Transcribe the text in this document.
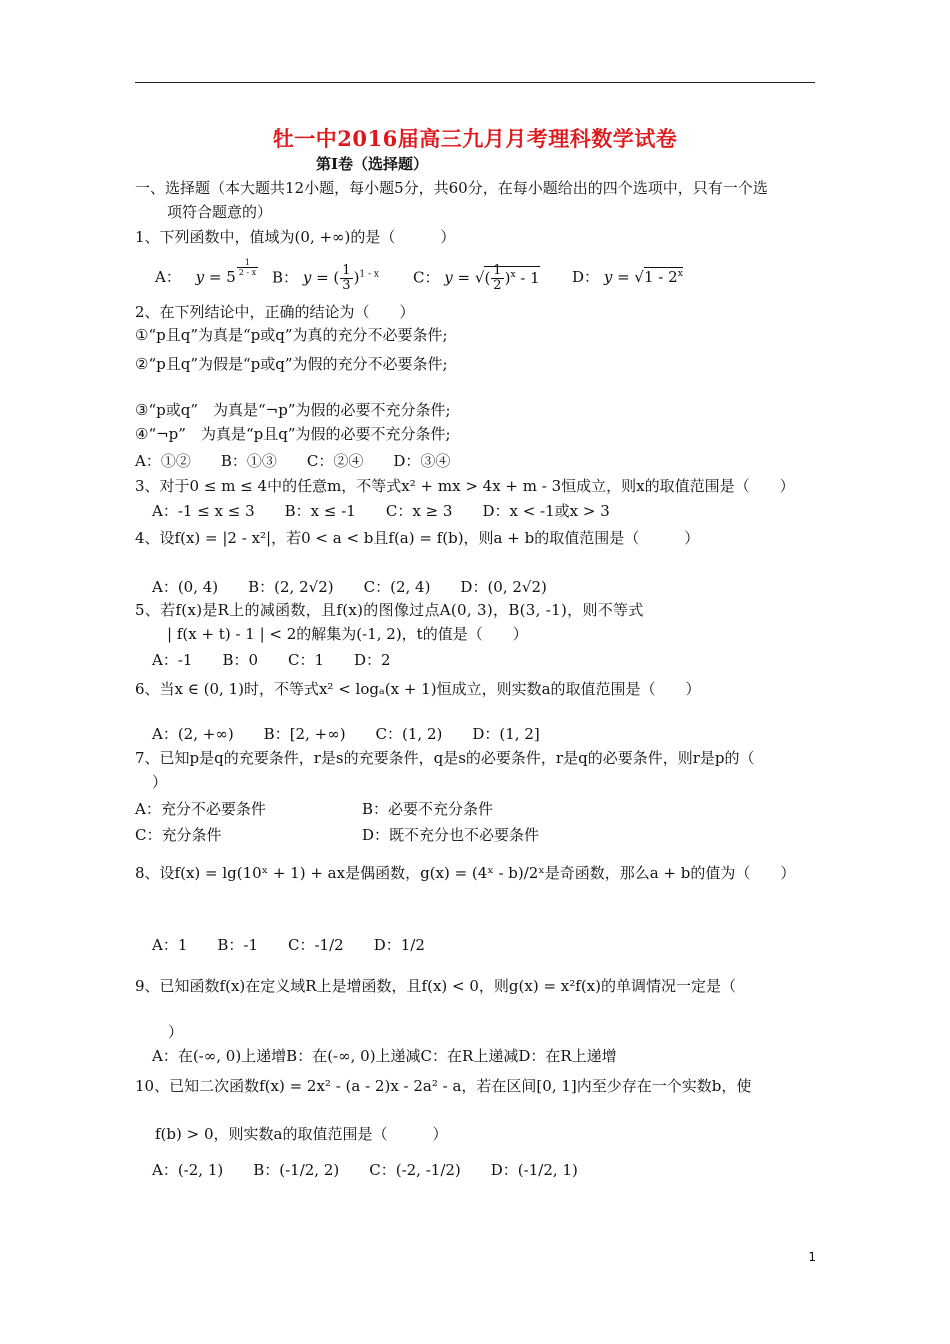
牡一中2016届高三九月月考理科数学试卷
第Ⅰ卷（选择题）
一、选择题（本大题共12小题，每小题5分，共60分，在每小题给出的四个选项中，只有一个选
项符合题意的）
1、下列函数中，值域为(0, +∞)的是（　　　）
A： y = 5 $^{\frac{1}{2 - x}}$
B： y = ( $\frac{1}{3} )^{1 - x}$ C： y = √( $\frac{1}{2} )^x - 1$ D： y = √1 - 2$^x$
2、在下列结论中，正确的结论为（　　）
①“p且q”为真是“p或q”为真的充分不必要条件;
②“p且q”为假是“p或q”为假的充分不必要条件;
③“p或q”　为真是“¬p”为假的必要不充分条件;
④“¬p”　为真是“p且q”为假的必要不充分条件;
A：①②　　B：①③　　C：②④　　D：③④
3、对于0 ≤ m ≤ 4中的任意m，不等式x² + mx > 4x + m - 3恒成立，则x的取值范围是（　　）
A：-1 ≤ x ≤ 3　　B：x ≤ -1　　C：x ≥ 3　　D：x < -1或x > 3
4、设f(x) = |2 - x²|，若0 < a < b且f(a) = f(b)，则a + b的取值范围是（　　　）
A：(0, 4)　　B：(2, 2√2)　　C：(2, 4)　　D：(0, 2√2)
5、若f(x)是R上的减函数，且f(x)的图像过点A(0, 3)，B(3, -1)，则不等式
| f(x + t) - 1 | < 2的解集为(-1, 2)，t的值是（　　）
A：-1　　B：0　　C：1　　D：2
6、当x ∈ (0, 1)时，不等式x² < logₐ(x + 1)恒成立，则实数a的取值范围是（　　）
A：(2, +∞)　　B：[2, +∞)　　C：(1, 2)　　D：(1, 2]
7、已知p是q的充要条件，r是s的充要条件，q是s的必要条件，r是q的必要条件，则r是p的（
）
A：充分不必要条件	B：必要不充分条件
C：充分条件	D：既不充分也不必要条件
8、设f(x) = lg(10ˣ + 1) + ax是偶函数，g(x) = (4ˣ - b)/2ˣ是奇函数，那么a + b的值为（　　）
A：1　　B：-1　　C：-1/2　　D：1/2
9、已知函数f(x)在定义域R上是增函数，且f(x) < 0，则g(x) = x²f(x)的单调情况一定是（
）
A：在(-∞, 0)上递增B：在(-∞, 0)上递减C：在R上递减D：在R上递增
10、已知二次函数f(x) = 2x² - (a - 2)x - 2a² - a，若在区间[0, 1]内至少存在一个实数b，使
f(b) > 0，则实数a的取值范围是（　　　）
A：(-2, 1)　　B：(-1/2, 2)　　C：(-2, -1/2)　　D：(-1/2, 1)
1
